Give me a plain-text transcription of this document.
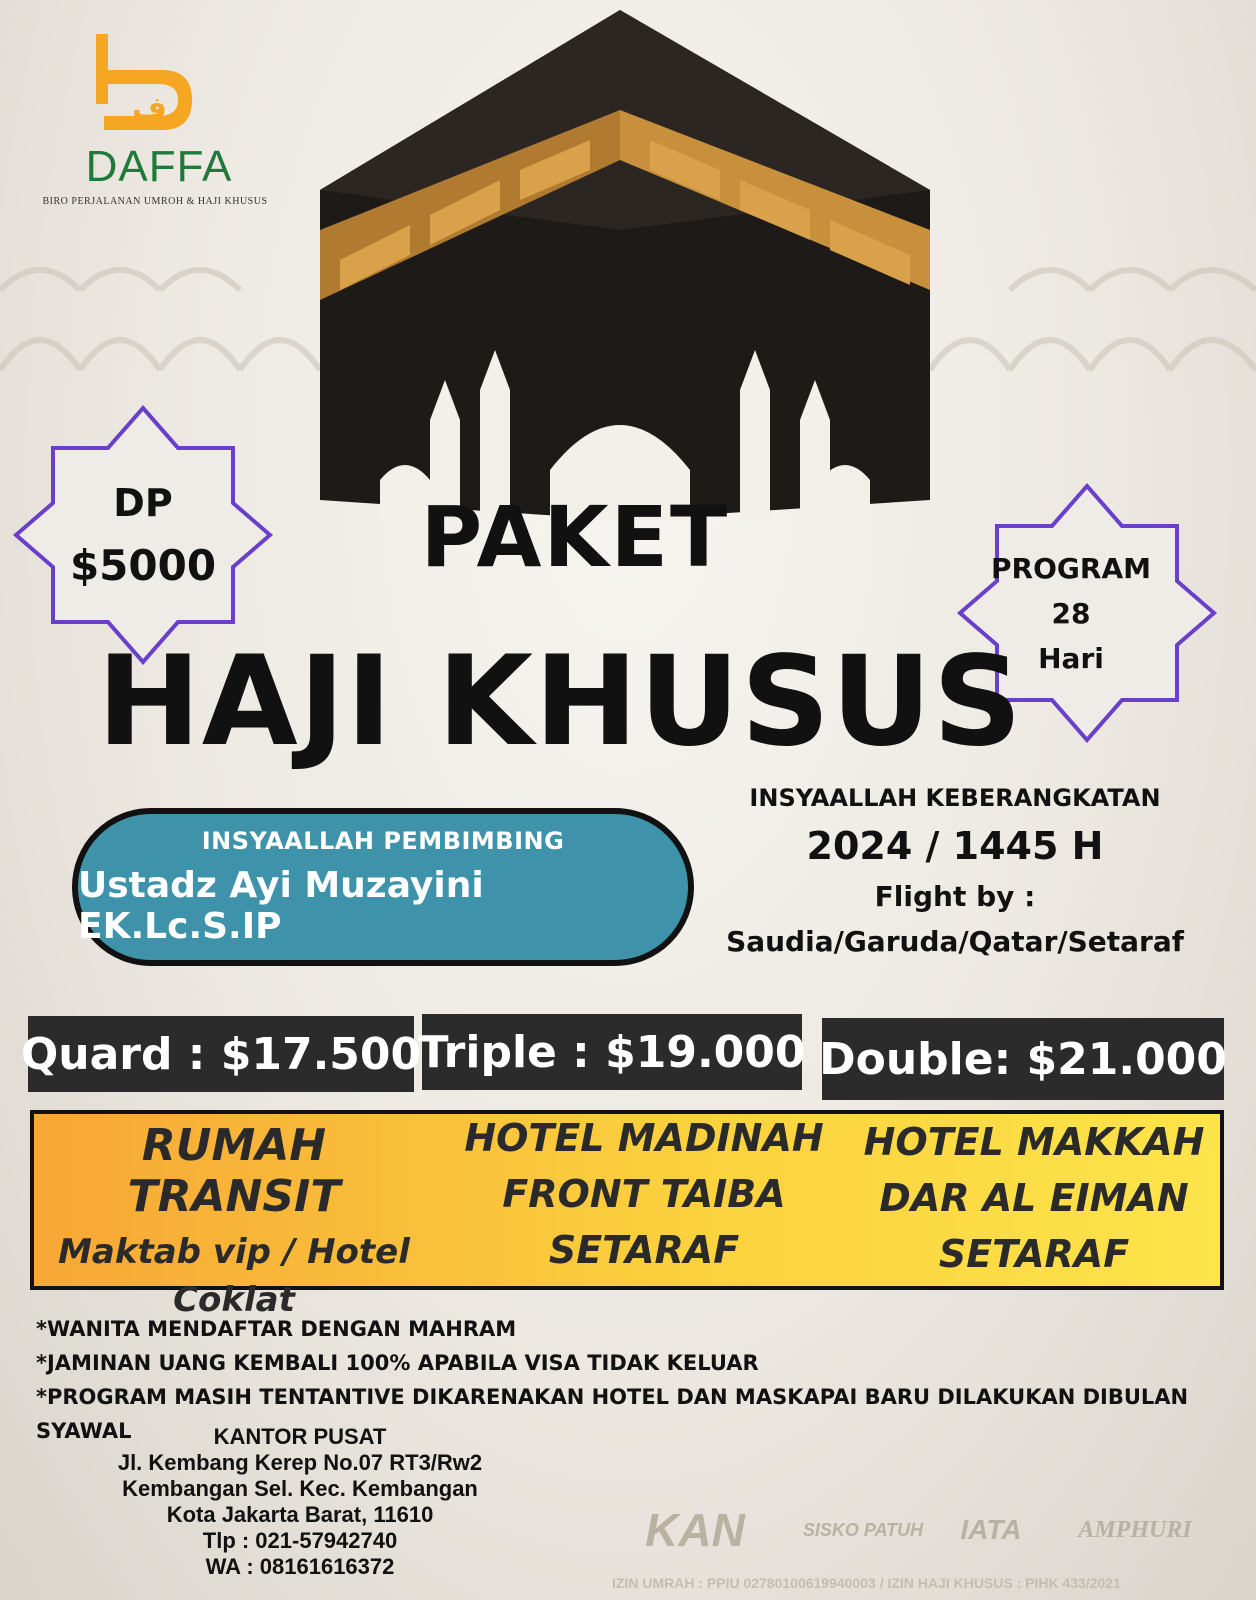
ف
DAFFA
BIRO PERJALANAN UMROH & HAJI KHUSUS
DP
$5000	PROGRAM
28
Hari
PAKET
HAJI KHUSUS
INSYAALLAH PEMBIMBING
Ustadz Ayi Muzayini EK.Lc.S.IP
INSYAALLAH KEBERANGKATAN
2024 / 1445 H
Flight by :
Saudia/Garuda/Qatar/Setaraf
Quard : $17.500
Triple : $19.000 Double: $21.000
RUMAH TRANSIT
Maktab vip / Hotel
Coklat
HOTEL MADINAH
FRONT TAIBA
SETARAF
HOTEL MAKKAH
DAR AL EIMAN
SETARAF
*WANITA MENDAFTAR DENGAN MAHRAM
*JAMINAN UANG KEMBALI 100% APABILA VISA TIDAK KELUAR
*PROGRAM MASIH TENTANTIVE DIKARENAKAN HOTEL DAN MASKAPAI BARU DILAKUKAN DIBULAN SYAWAL	KANTOR PUSAT
Jl. Kembang Kerep No.07 RT3/Rw2
Kembangan Sel. Kec. Kembangan
Kota Jakarta Barat, 11610
Tlp : 021-57942740
WA : 08161616372
KAN	SISKO PATUH	IATA	AMPHURI
IZIN UMRAH : PPIU 02780100619940003 / IZIN HAJI KHUSUS : PIHK 433/2021
